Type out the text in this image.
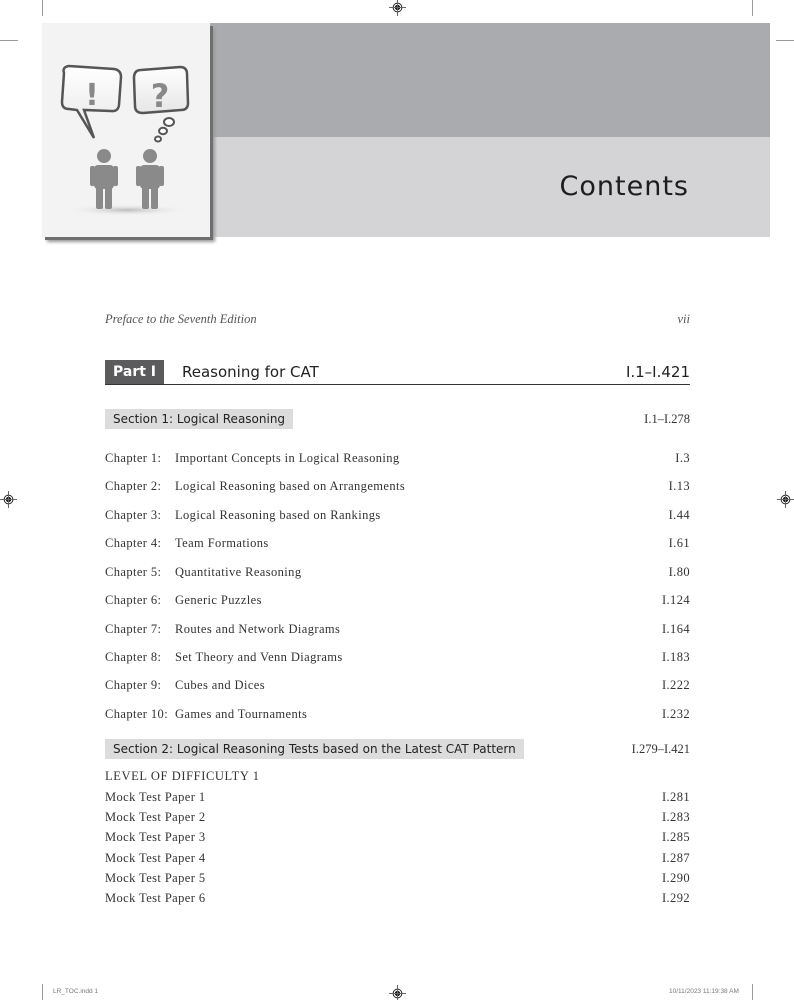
! ?
Contents
Preface to the Seventh Edition	vii
Part I	Reasoning for CAT	I.1–I.421
Section 1: Logical Reasoning	I.1–I.278
Chapter 1: Important Concepts in Logical Reasoning	I.3
Chapter 2: Logical Reasoning based on Arrangements	I.13
Chapter 3: Logical Reasoning based on Rankings	I.44
Chapter 4: Team Formations	I.61
Chapter 5: Quantitative Reasoning	I.80
Chapter 6: Generic Puzzles	I.124
Chapter 7: Routes and Network Diagrams	I.164
Chapter 8: Set Theory and Venn Diagrams	I.183
Chapter 9: Cubes and Dices	I.222
Chapter 10: Games and Tournaments	I.232
Section 2: Logical Reasoning Tests based on the Latest CAT Pattern	I.279–I.421
LEVEL OF DIFFICULTY 1
Mock Test Paper 1	I.281
Mock Test Paper 2	I.283
Mock Test Paper 3	I.285
Mock Test Paper 4	I.287
Mock Test Paper 5	I.290
Mock Test Paper 6	I.292
LR_TOC.indd 1	10/11/2023 11:19:38 AM
